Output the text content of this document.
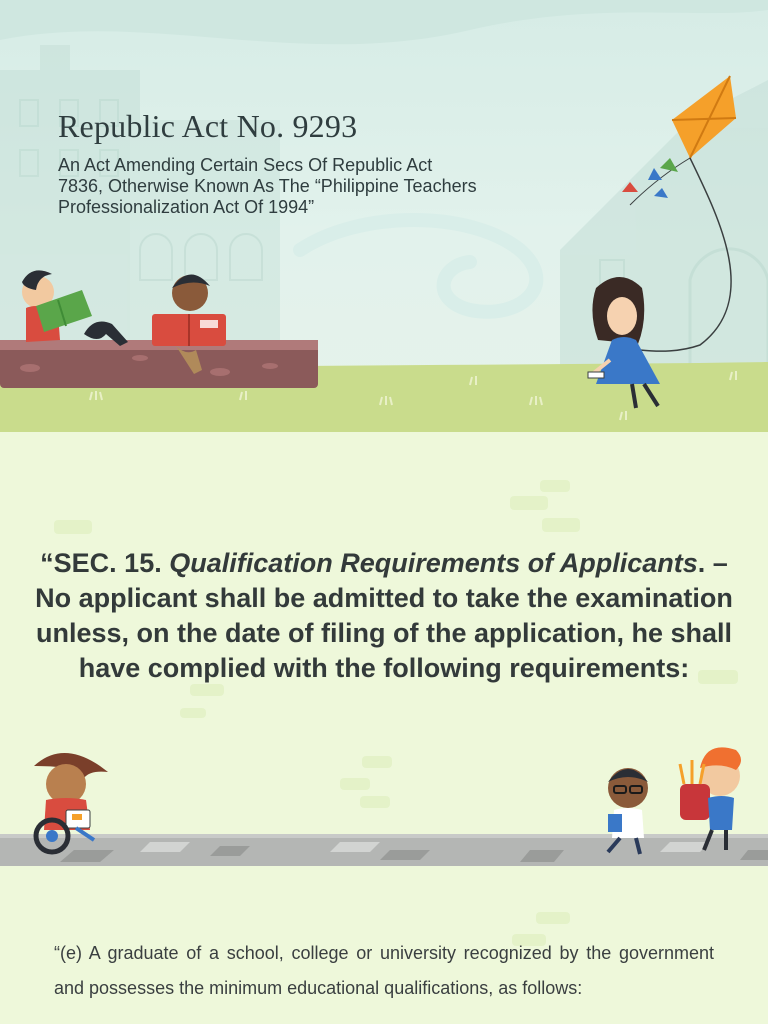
Republic Act No. 9293

An Act Amending Certain Secs Of Republic Act 7836, Otherwise Known As The “Philippine Teachers Professionalization Act Of 1994”

“SEC. 15. Qualification Requirements of Applicants. – No applicant shall be admitted to take the examination unless, on the date of filing of the application, he shall have complied with the following requirements:

“(e) A graduate of a school, college or university recognized by the government and possesses the minimum educational qualifications, as follows:
